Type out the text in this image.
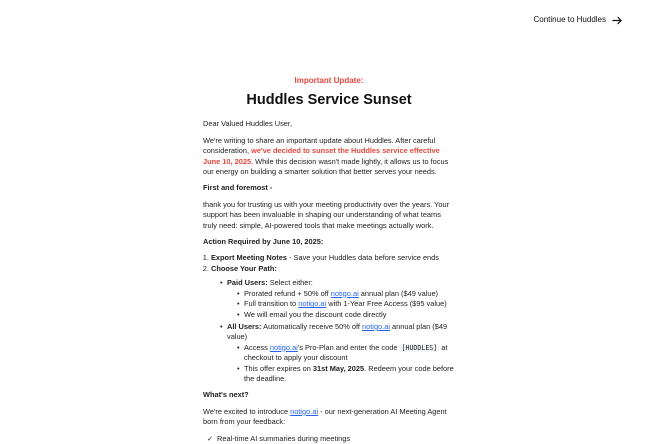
Continue to Huddles
Important Update:
Huddles Service Sunset

Dear Valued Huddles User,

We're writing to share an important update about Huddles. After careful consideration, we've decided to sunset the Huddles service effective June 10, 2025. While this decision wasn't made lightly, it allows us to focus our energy on building a smarter solution that better serves your needs.

First and foremost -

thank you for trusting us with your meeting productivity over the years. Your support has been invaluable in shaping our understanding of what teams truly need: simple, AI-powered tools that make meetings actually work.

Action Required by June 10, 2025:

1. Export Meeting Notes - Save your Huddles data before service ends
2. Choose Your Path:
• Paid Users: Select either:
• Prorated refund + 50% off notigo.ai annual plan ($49 value)
• Full transition to notigo.ai with 1-Year Free Access ($95 value)
• We will email you the discount code directly
• All Users: Automatically receive 50% off notigo.ai annual plan ($49 value)
• Access notigo.ai's Pro-Plan and enter the code [HUDDLES] at checkout to apply your discount
• This offer expires on 31st May, 2025. Redeem your code before the deadline.

What's next?

We're excited to introduce notigo.ai - our next-generation AI Meeting Agent born from your feedback:

✓ Real-time AI summaries during meetings
